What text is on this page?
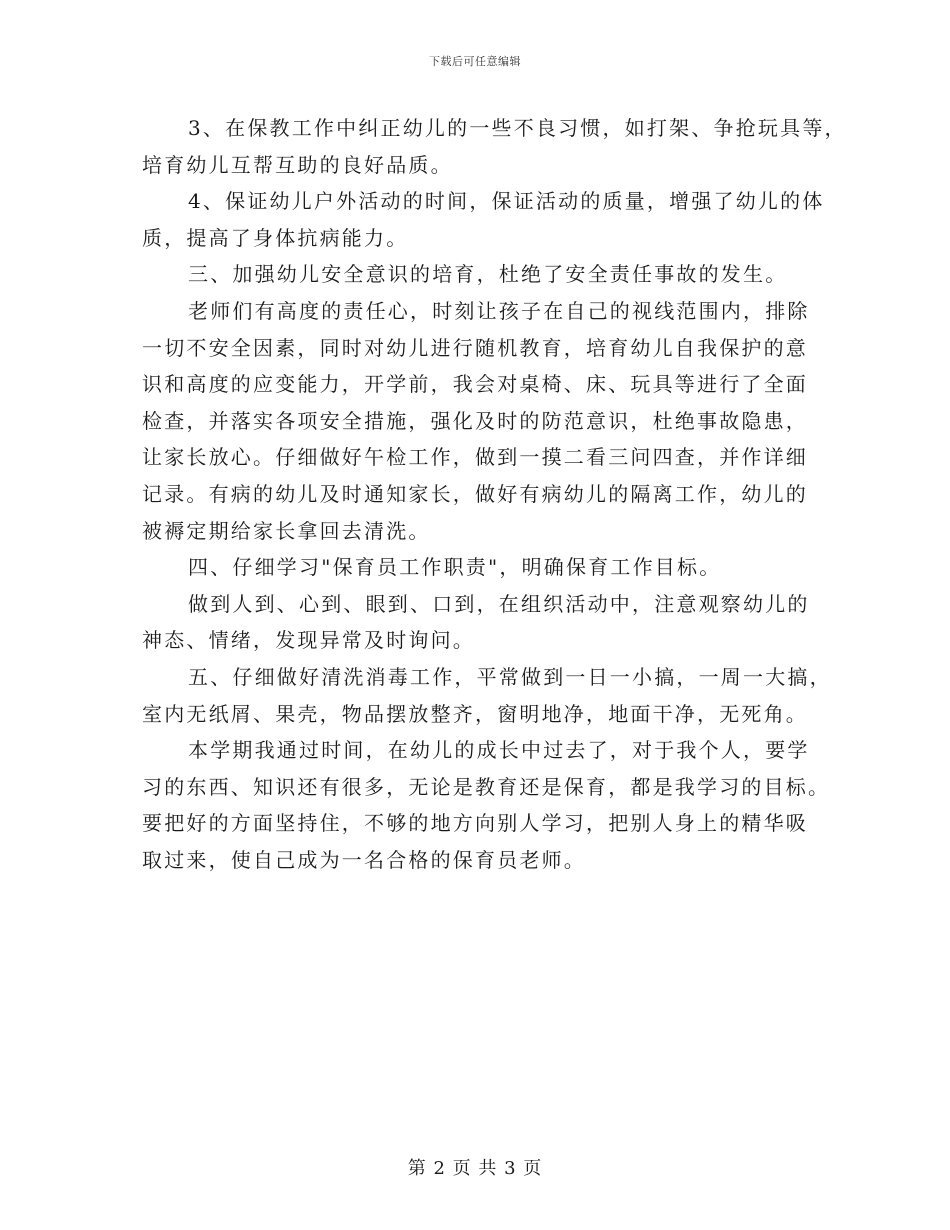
下载后可任意编辑
3、在保教工作中纠正幼儿的一些不良习惯，如打架、争抢玩具等，
培育幼儿互帮互助的良好品质。
4、保证幼儿户外活动的时间，保证活动的质量，增强了幼儿的体
质，提高了身体抗病能力。
三、加强幼儿安全意识的培育，杜绝了安全责任事故的发生。
老师们有高度的责任心，时刻让孩子在自己的视线范围内，排除
一切不安全因素，同时对幼儿进行随机教育，培育幼儿自我保护的意
识和高度的应变能力，开学前，我会对桌椅、床、玩具等进行了全面
检查，并落实各项安全措施，强化及时的防范意识，杜绝事故隐患，
让家长放心。仔细做好午检工作，做到一摸二看三问四查，并作详细
记录。有病的幼儿及时通知家长，做好有病幼儿的隔离工作，幼儿的
被褥定期给家长拿回去清洗。
四、仔细学习"保育员工作职责"，明确保育工作目标。
做到人到、心到、眼到、口到，在组织活动中，注意观察幼儿的
神态、情绪，发现异常及时询问。
五、仔细做好清洗消毒工作，平常做到一日一小搞，一周一大搞，
室内无纸屑、果壳，物品摆放整齐，窗明地净，地面干净，无死角。
本学期我通过时间，在幼儿的成长中过去了，对于我个人，要学
习的东西、知识还有很多，无论是教育还是保育，都是我学习的目标。
要把好的方面坚持住，不够的地方向别人学习，把别人身上的精华吸
取过来，使自己成为一名合格的保育员老师。
第 2 页 共 3 页
